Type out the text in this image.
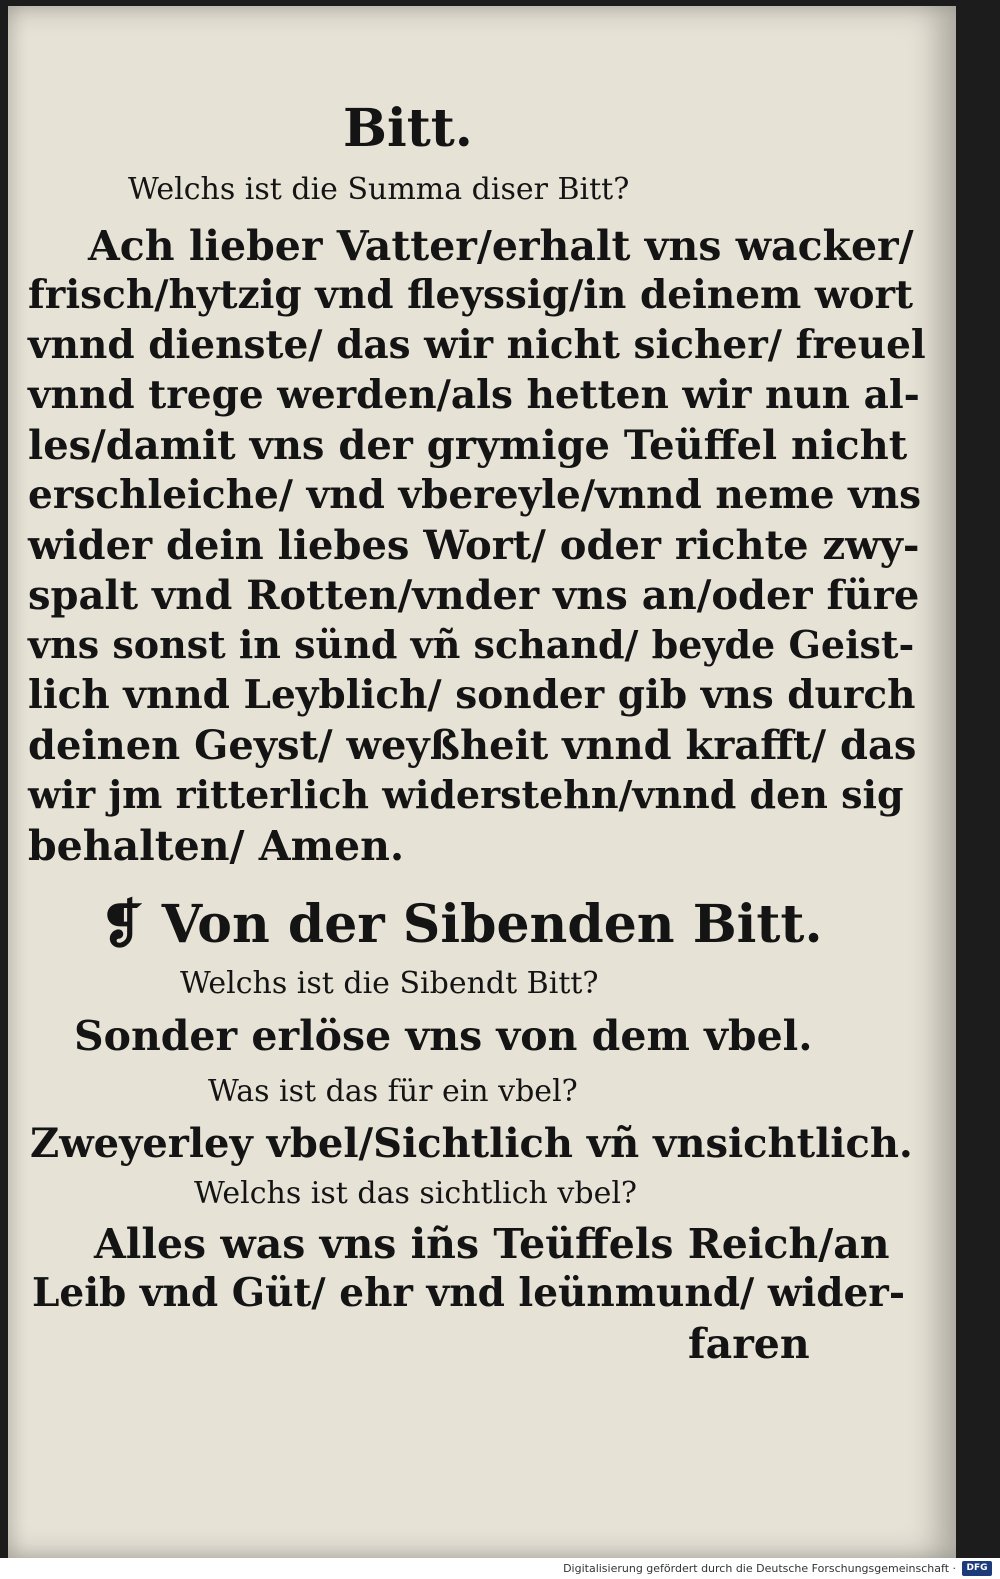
Bitt.
Welchs ist die Summa diser Bitt?
Ach lieber Vatter/erhalt vns wacker/
frisch/hytzig vnd fleyssig/in deinem wort
vnnd dienste/ das wir nicht sicher/ freuel
vnnd trege werden/als hetten wir nun al-
les/damit vns der grymige Teüffel nicht
erschleiche/ vnd vbereyle/vnnd neme vns
wider dein liebes Wort/ oder richte zwy-
spalt vnd Rotten/vnder vns an/oder füre
vns sonst in sünd vñ schand/ beyde Geist-
lich vnnd Leyblich/ sonder gib vns durch
deinen Geyst/ weyßheit vnnd krafft/ das
wir jm ritterlich widerstehn/vnnd den sig
behalten/ Amen.
❡ Von der Sibenden Bitt.
Welchs ist die Sibendt Bitt?
Sonder erlöse vns von dem vbel.
Was ist das für ein vbel?
Zweyerley vbel/Sichtlich vñ vnsichtlich.
Welchs ist das sichtlich vbel?
Alles was vns iñs Teüffels Reich/an
Leib vnd Güt/ ehr vnd leünmund/ wider-
faren
Digitalisierung gefördert durch die Deutsche Forschungsgemeinschaft ·	DFG
